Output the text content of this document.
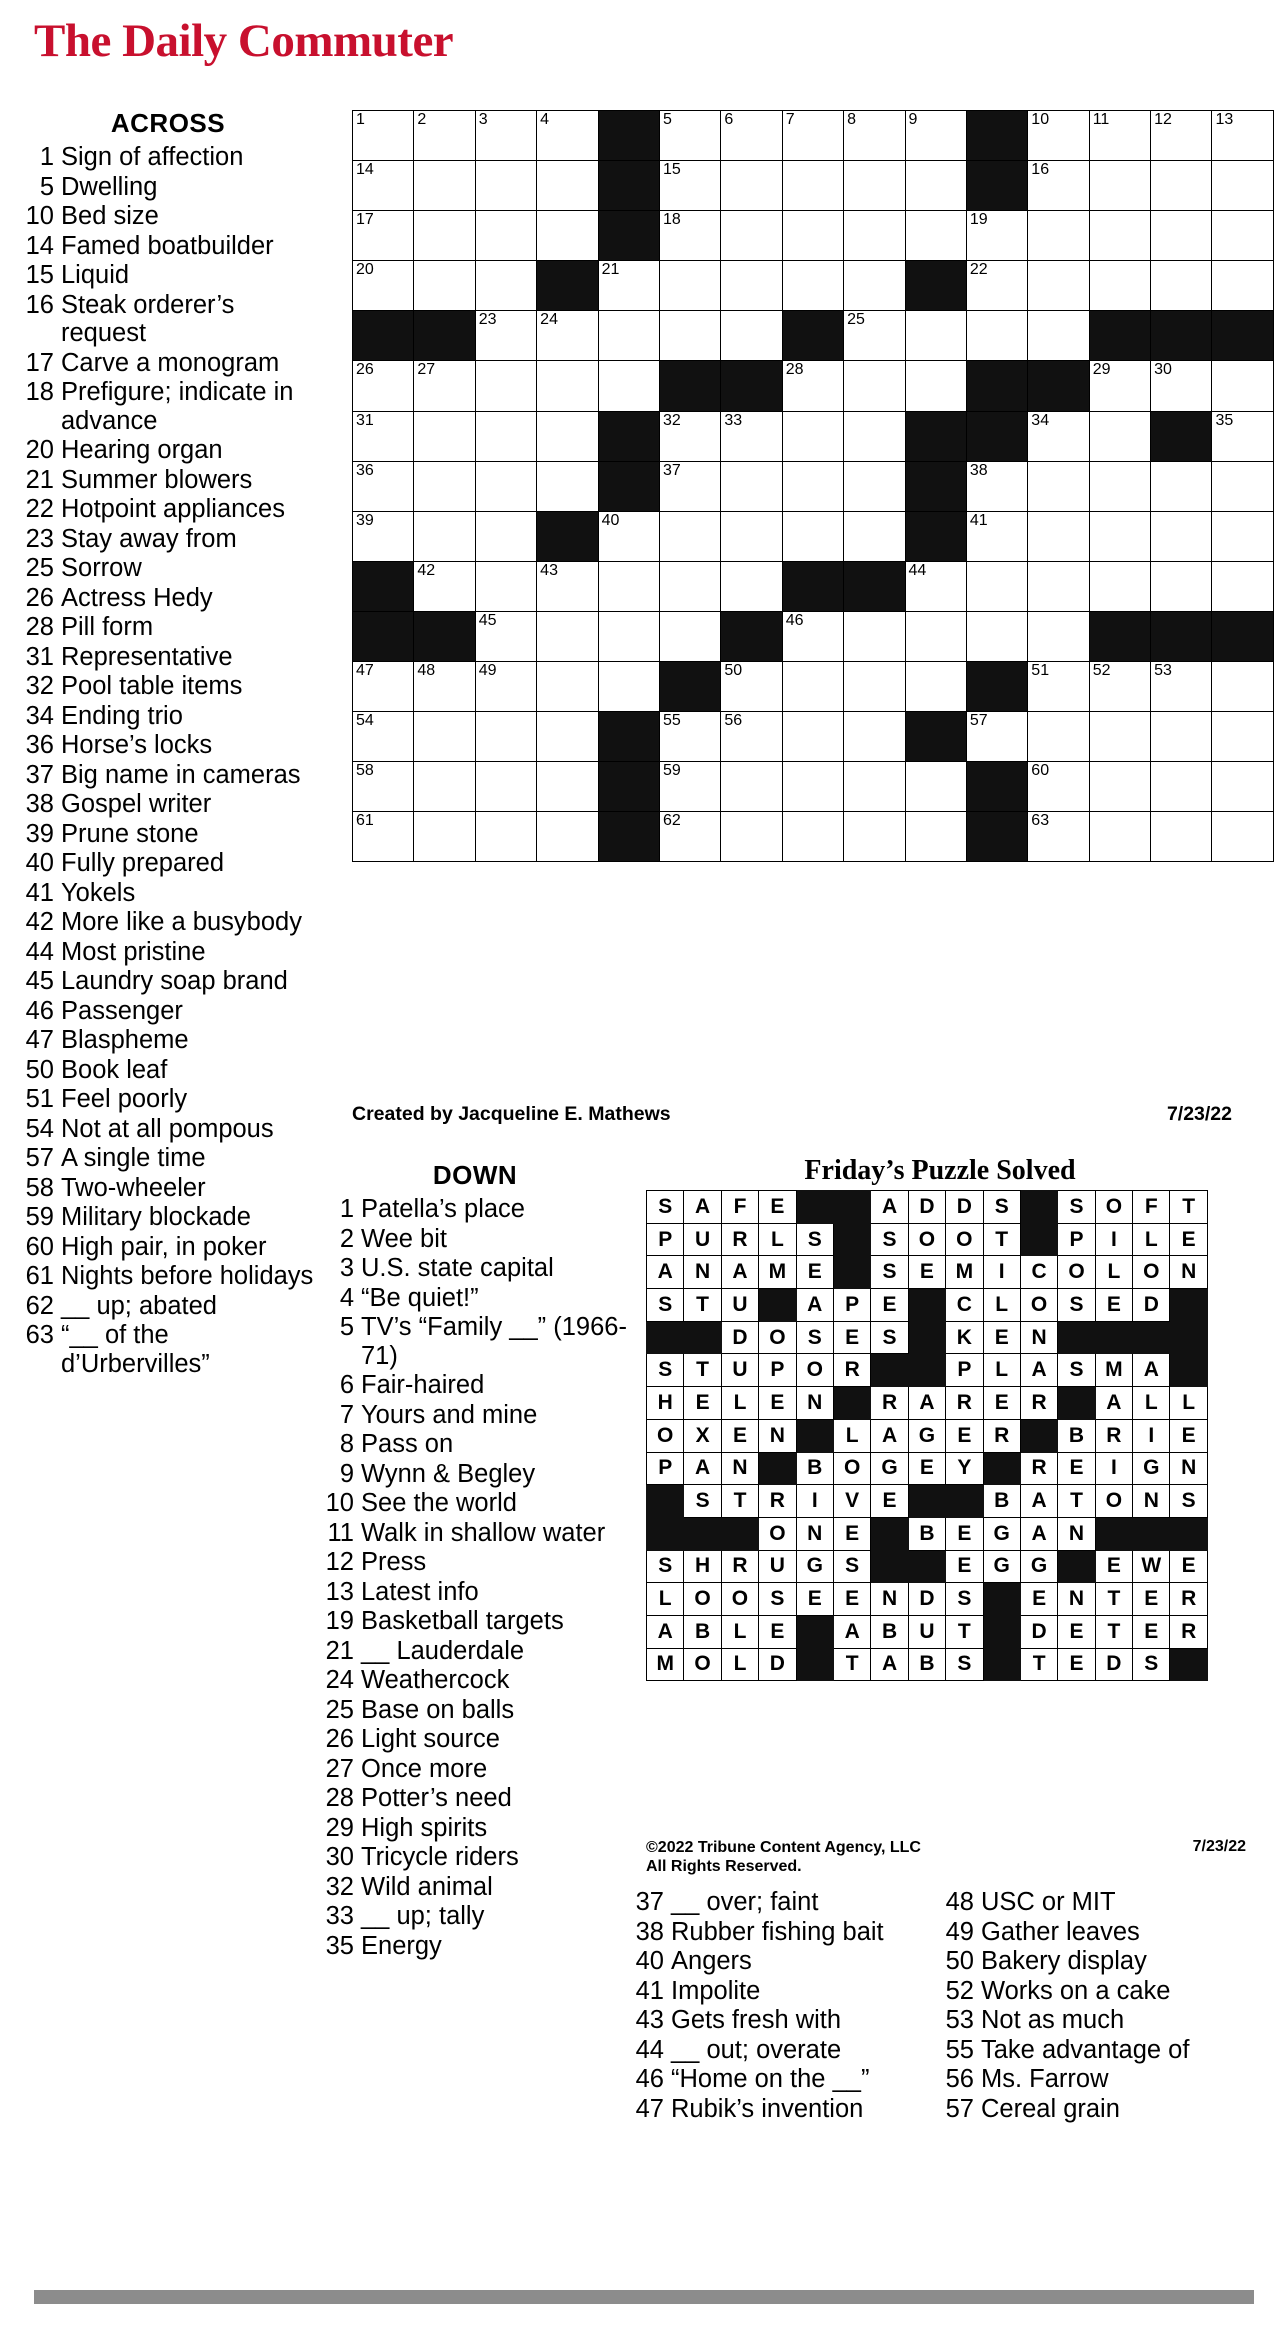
The Daily Commuter
ACROSS
1 Sign of affection
5 Dwelling
10 Bed size
14 Famed boatbuilder
15 Liquid
16 Steak orderer’s request
17 Carve a monogram
18 Prefigure; indicate in advance
20 Hearing organ
21 Summer blowers
22 Hotpoint appliances
23 Stay away from
25 Sorrow
26 Actress Hedy
28 Pill form
31 Representative
32 Pool table items
34 Ending trio
36 Horse’s locks
37 Big name in cameras
38 Gospel writer
39 Prune stone
40 Fully prepared
41 Yokels
42 More like a busybody
44 Most pristine
45 Laundry soap brand
46 Passenger
47 Blaspheme
50 Book leaf
51 Feel poorly
54 Not at all pompous
57 A single time
58 Two-wheeler
59 Military blockade
60 High pair, in poker
61 Nights before holidays
62 __ up; abated
63 “__ of the d’Urbervilles”
1	2	3	4		5	6	7	8	9		10	11	12	13

14					15						16			

17					18					19				

20				21						22				

		23	24					25						

26	27						28					29	30	

31					32	33					34			35

36					37					38				

39				40						41				

	42		43						44					

		45					46							

47	48	49				50					51	52	53	

54					55	56				57				

58					59						60			

61					62						63			

Created by Jacqueline E. Mathews	7/23/22
DOWN
1 Patella’s place
2 Wee bit
3 U.S. state capital
4 “Be quiet!”
5 TV’s “Family __” (1966-71)
6 Fair-haired
7 Yours and mine
8 Pass on
9 Wynn & Begley
10 See the world
11 Walk in shallow water
12 Press
13 Latest info
19 Basketball targets
21 __ Lauderdale
24 Weathercock
25 Base on balls
26 Light source
27 Once more
28 Potter’s need
29 High spirits
30 Tricycle riders
32 Wild animal
33 __ up; tally
35 Energy
Friday’s Puzzle Solved
S	A	F	E			A	D	D	S		S	O	F	T
P	U	R	L	S		S	O	O	T		P	I	L	E
A	N	A	M	E		S	E	M	I	C	O	L	O	N
S	T	U		A	P	E		C	L	O	S	E	D	
		D	O	S	E	S		K	E	N				
S	T	U	P	O	R			P	L	A	S	M	A	
H	E	L	E	N		R	A	R	E	R		A	L	L
O	X	E	N		L	A	G	E	R		B	R	I	E
P	A	N		B	O	G	E	Y		R	E	I	G	N
	S	T	R	I	V	E			B	A	T	O	N	S
			O	N	E		B	E	G	A	N			
S	H	R	U	G	S			E	G	G		E	W	E
L	O	O	S	E	E	N	D	S		E	N	T	E	R
A	B	L	E		A	B	U	T		D	E	T	E	R
M	O	L	D		T	A	B	S		T	E	D	S	
©2022 Tribune Content Agency, LLC
All Rights Reserved.
7/23/22
37 __ over; faint
38 Rubber fishing bait
40 Angers
41 Impolite
43 Gets fresh with
44 __ out; overate
46 “Home on the __”
47 Rubik’s invention
48 USC or MIT
49 Gather leaves
50 Bakery display
52 Works on a cake
53 Not as much
55 Take advantage of
56 Ms. Farrow
57 Cereal grain
